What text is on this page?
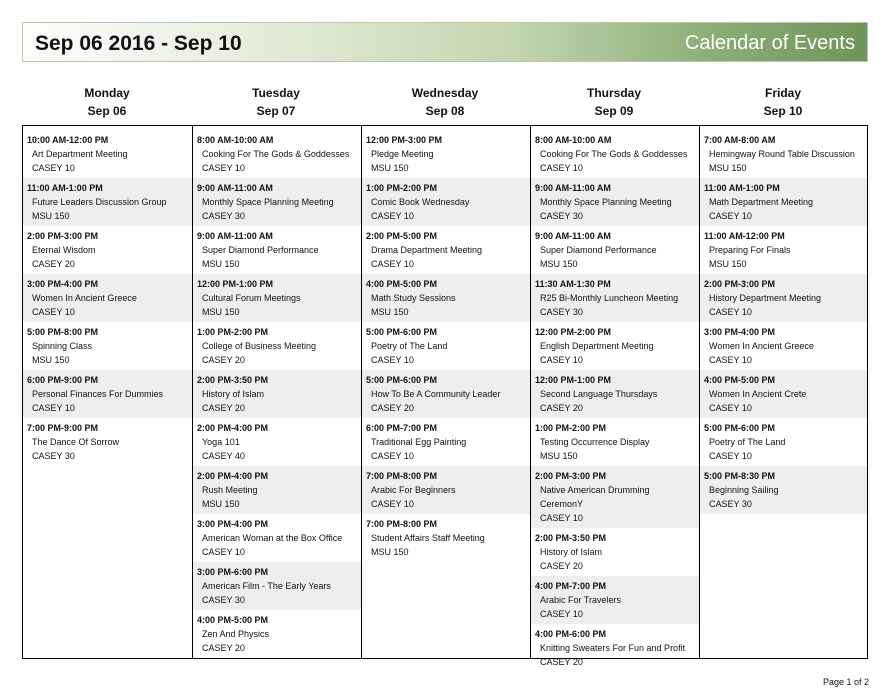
Sep 06 2016 - Sep 10	Calendar of Events
Monday
Sep 06
Tuesday
Sep 07
Wednesday
Sep 08
Thursday
Sep 09
Friday
Sep 10
10:00 AM-12:00 PM
Art Department Meeting
CASEY 10
11:00 AM-1:00 PM
Future Leaders Discussion Group
MSU 150
2:00 PM-3:00 PM
Eternal Wisdom
CASEY 20
3:00 PM-4:00 PM
Women In Ancient Greece
CASEY 10
5:00 PM-8:00 PM
Spinning Class
MSU 150
6:00 PM-9:00 PM
Personal Finances For Dummies
CASEY 10
7:00 PM-9:00 PM
The Dance Of Sorrow
CASEY 30
8:00 AM-10:00 AM
Cooking For The Gods & Goddesses
CASEY 10
9:00 AM-11:00 AM
Monthly Space Planning Meeting
CASEY 30
9:00 AM-11:00 AM
Super Diamond Performance
MSU 150
12:00 PM-1:00 PM
Cultural Forum Meetings
MSU 150
1:00 PM-2:00 PM
College of Business Meeting
CASEY 20
2:00 PM-3:50 PM
History of Islam
CASEY 20
2:00 PM-4:00 PM
Yoga 101
CASEY 40
2:00 PM-4:00 PM
Rush Meeting
MSU 150
3:00 PM-4:00 PM
American Woman at the Box Office
CASEY 10
3:00 PM-6:00 PM
American Film - The Early Years
CASEY 30
4:00 PM-5:00 PM
Zen And Physics
CASEY 20
12:00 PM-3:00 PM
Pledge Meeting
MSU 150
1:00 PM-2:00 PM
Comic Book Wednesday
CASEY 10
2:00 PM-5:00 PM
Drama Department Meeting
CASEY 10
4:00 PM-5:00 PM
Math Study Sessions
MSU 150
5:00 PM-6:00 PM
Poetry of The Land
CASEY 10
5:00 PM-6:00 PM
How To Be A Community Leader
CASEY 20
6:00 PM-7:00 PM
Traditional Egg Painting
CASEY 10
7:00 PM-8:00 PM
Arabic For Beginners
CASEY 10
7:00 PM-8:00 PM
Student Affairs Staff Meeting
MSU 150
8:00 AM-10:00 AM
Cooking For The Gods & Goddesses
CASEY 10
9:00 AM-11:00 AM
Monthly Space Planning Meeting
CASEY 30
9:00 AM-11:00 AM
Super Diamond Performance
MSU 150
11:30 AM-1:30 PM
R25 Bi-Monthly Luncheon Meeting
CASEY 30
12:00 PM-2:00 PM
English Department Meeting
CASEY 10
12:00 PM-1:00 PM
Second Language Thursdays
CASEY 20
1:00 PM-2:00 PM
Testing Occurrence Display
MSU 150
2:00 PM-3:00 PM
Native American Drumming
CeremonY
CASEY 10
2:00 PM-3:50 PM
History of Islam
CASEY 20
4:00 PM-7:00 PM
Arabic For Travelers
CASEY 10
4:00 PM-6:00 PM
Knitting Sweaters For Fun and Profit
CASEY 20
7:00 AM-8:00 AM
Hemingway Round Table Discussion
MSU 150
11:00 AM-1:00 PM
Math Department Meeting
CASEY 10
11:00 AM-12:00 PM
Preparing For Finals
MSU 150
2:00 PM-3:00 PM
History Department Meeting
CASEY 10
3:00 PM-4:00 PM
Women In Ancient Greece
CASEY 10
4:00 PM-5:00 PM
Women In Ancient Crete
CASEY 10
5:00 PM-6:00 PM
Poetry of The Land
CASEY 10
5:00 PM-8:30 PM
Beginning Sailing
CASEY 30
Page 1 of 2
